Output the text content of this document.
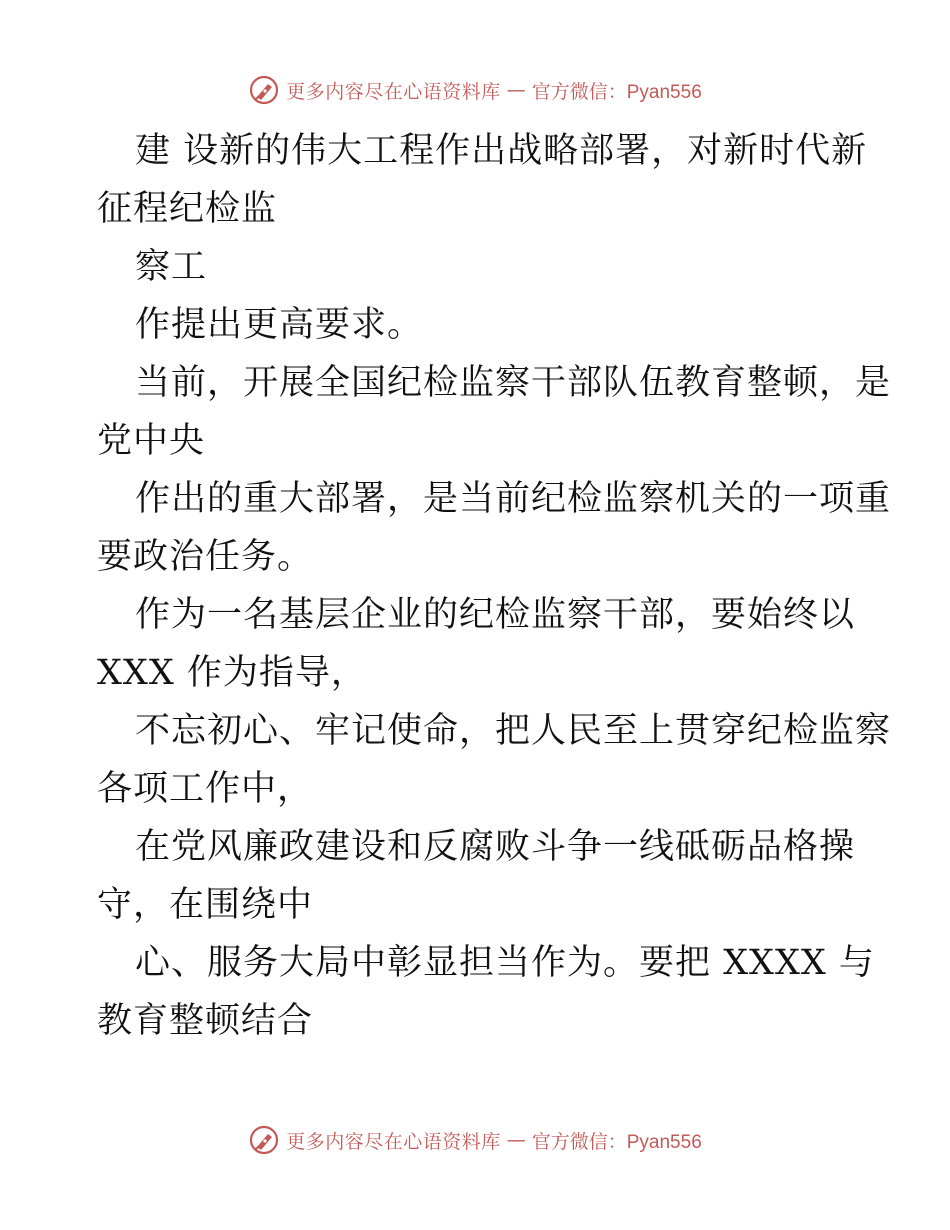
更多内容尽在心语资料库 — 官方微信：Pyan556
建 设新的伟大工程作出战略部署，对新时代新
征程纪检监
察工
作提出更高要求。
当前，开展全国纪检监察干部队伍教育整顿，是
党中央
作出的重大部署，是当前纪检监察机关的一项重
要政治任务。
作为一名基层企业的纪检监察干部，要始终以
XXX 作为指导，
不忘初心、牢记使命，把人民至上贯穿纪检监察
各项工作中，
在党风廉政建设和反腐败斗争一线砥砺品格操
守，在围绕中
心、服务大局中彰显担当作为。要把 XXXX 与
教育整顿结合
更多内容尽在心语资料库 — 官方微信：Pyan556
